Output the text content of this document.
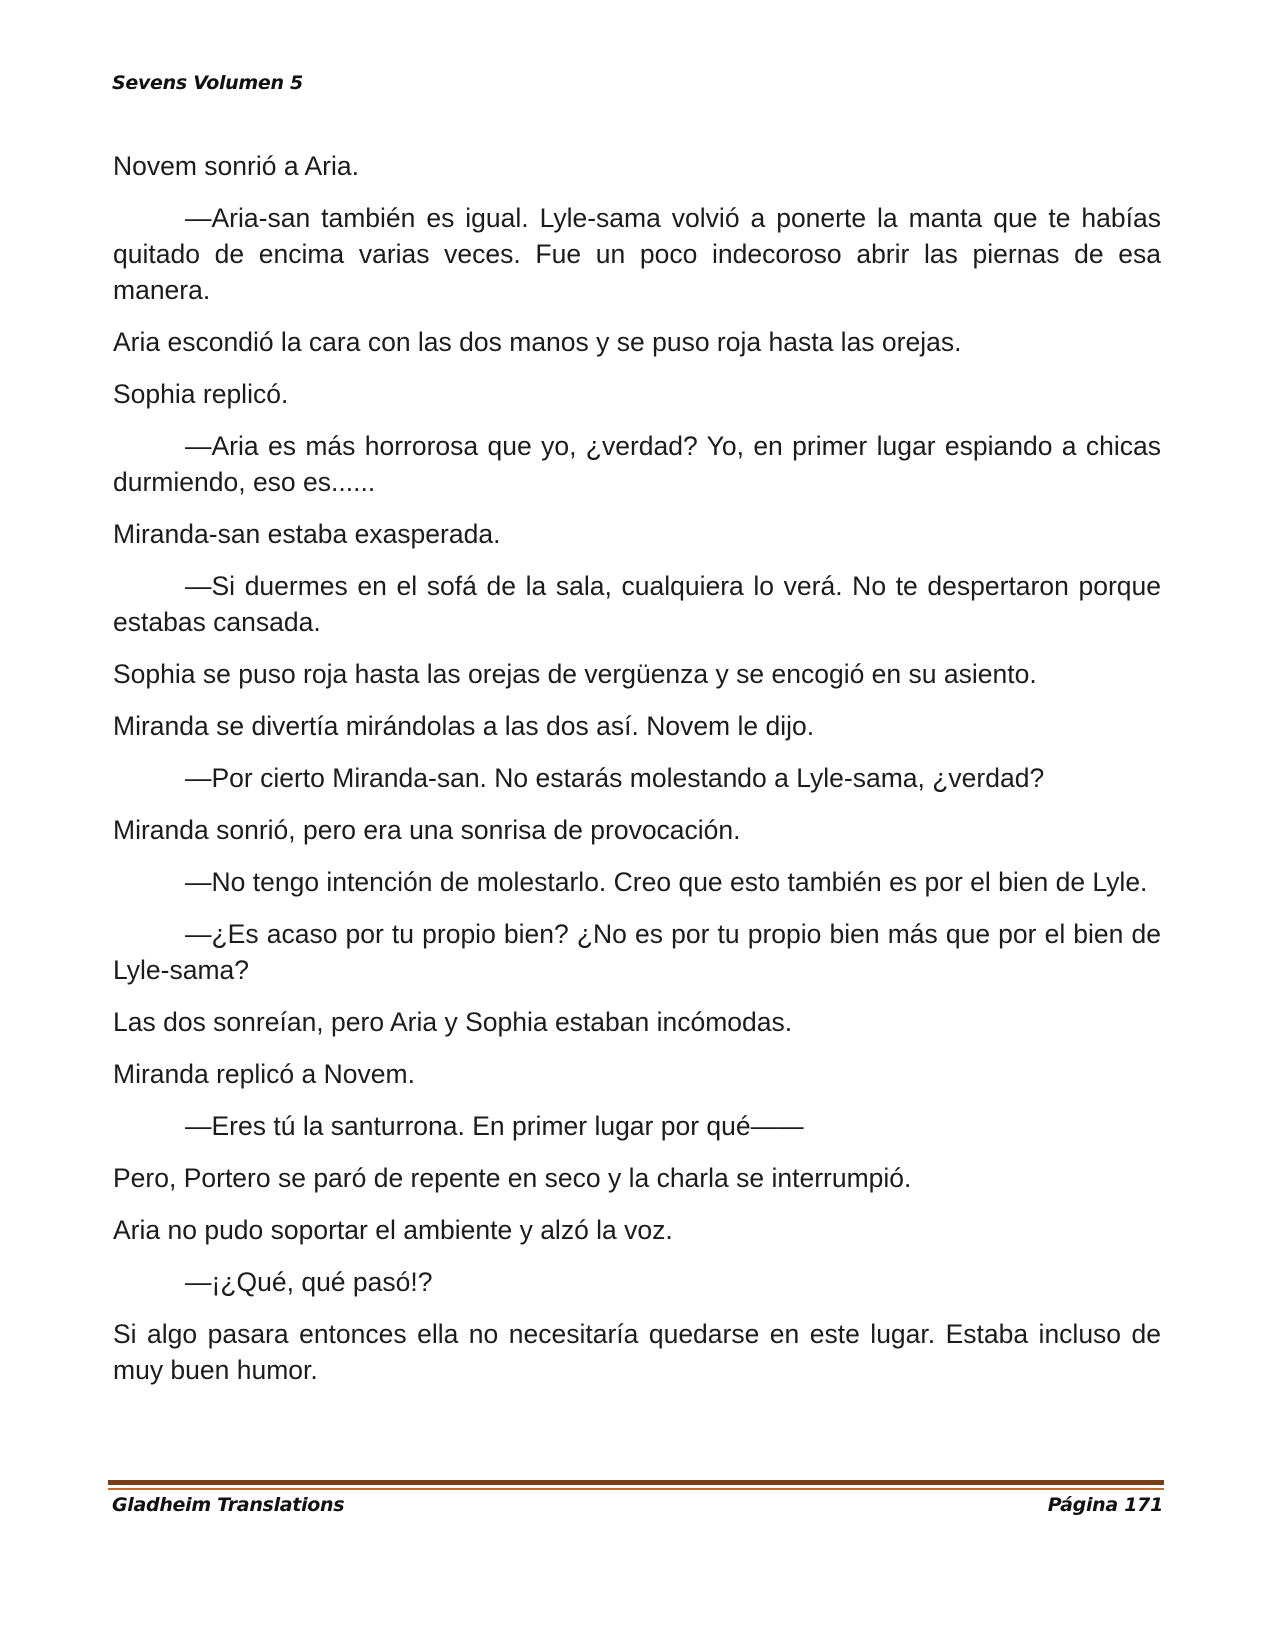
Sevens Volumen 5

Novem sonrió a Aria.

—Aria-san también es igual. Lyle-sama volvió a ponerte la manta que te habías quitado de encima varias veces. Fue un poco indecoroso abrir las piernas de esa manera.

Aria escondió la cara con las dos manos y se puso roja hasta las orejas.

Sophia replicó.

—Aria es más horrorosa que yo, ¿verdad? Yo, en primer lugar espiando a chicas durmiendo, eso es......

Miranda-san estaba exasperada.

—Si duermes en el sofá de la sala, cualquiera lo verá. No te despertaron porque estabas cansada.

Sophia se puso roja hasta las orejas de vergüenza y se encogió en su asiento.

Miranda se divertía mirándolas a las dos así. Novem le dijo.

—Por cierto Miranda-san. No estarás molestando a Lyle-sama, ¿verdad?

Miranda sonrió, pero era una sonrisa de provocación.

—No tengo intención de molestarlo. Creo que esto también es por el bien de Lyle.

—¿Es acaso por tu propio bien? ¿No es por tu propio bien más que por el bien de Lyle-sama?

Las dos sonreían, pero Aria y Sophia estaban incómodas.

Miranda replicó a Novem.

—Eres tú la santurrona. En primer lugar por qué——

Pero, Portero se paró de repente en seco y la charla se interrumpió.

Aria no pudo soportar el ambiente y alzó la voz.

—¡¿Qué, qué pasó!?

Si algo pasara entonces ella no necesitaría quedarse en este lugar. Estaba incluso de muy buen humor.

Gladheim Translations	Página 171
